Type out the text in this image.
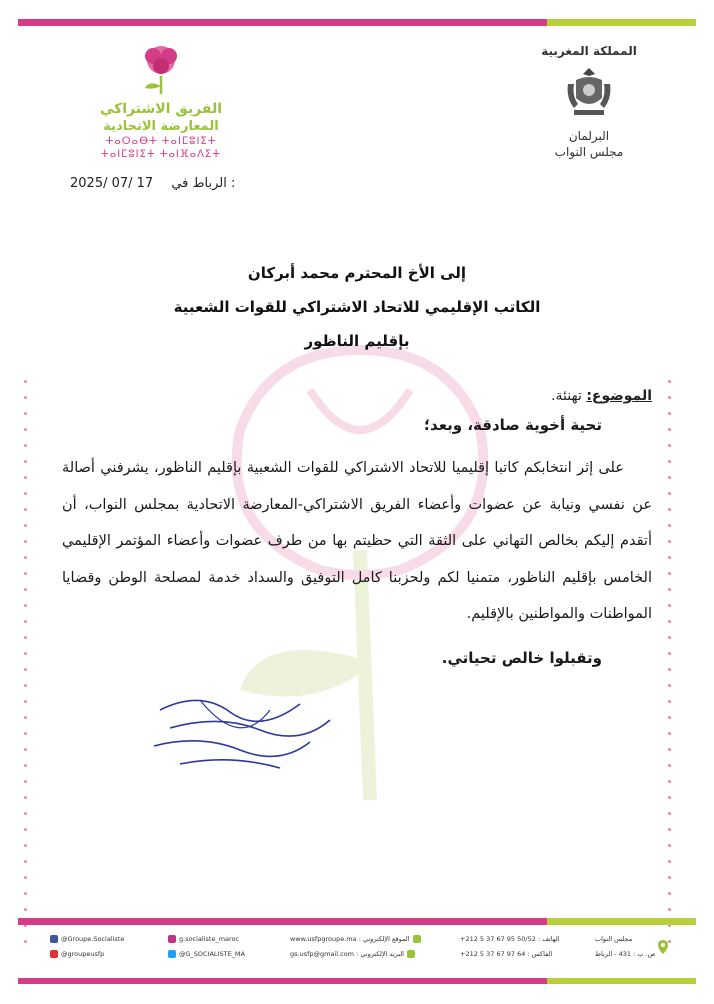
المملكة المغربية
البرلمان
مجلس النواب
الفريق الاشتراكي
المعارضة الاتحادية
ⵜⴰⵔⴰⴱⵜ ⵜⴰⵏⵎⵓⵏⵉⵜ
ⵜⴰⵏⵎⵓⵏⵉⵜ ⵜⴰⵏⴼⴰⴷⵉⵜ
2025/ 07/ 17 الرباط في :
إلى الأخ المحترم محمد أبركان
الكاتب الإقليمي للاتحاد الاشتراكي للقوات الشعبية
بإقليم الناظور
الموضوع: تهنئة.
تحية أخوية صادقة، وبعد؛
على إثر انتخابكم كاتبا إقليميا للاتحاد الاشتراكي للقوات الشعبية بإقليم الناظور، يشرفني أصالة عن نفسي ونيابة عن عضوات وأعضاء الفريق الاشتراكي-المعارضة الاتحادية بمجلس النواب، أن أتقدم إليكم بخالص التهاني على الثقة التي حظيتم بها من طرف عضوات وأعضاء المؤتمر الإقليمي الخامس بإقليم الناظور، متمنيا لكم ولحزبنا كامل التوفيق والسداد خدمة لمصلحة الوطن وقضايا المواطنات والمواطنين بالإقليم.
وتقبلوا خالص تحياتي.
@Groupe.Socialiste
@groupeusfp
g.socialiste_maroc
@G_SOCIALISTE_MA
www.usfpgroupe.ma : الموقع الإلكتروني
gs.usfp@gmail.com : البريد الإلكتروني
+212 5 37 67 95 50/52 : الهاتف
+212 5 37 67 97 64 : الفاكس
مجلس النواب
ص. ب : 431 - الرباط
